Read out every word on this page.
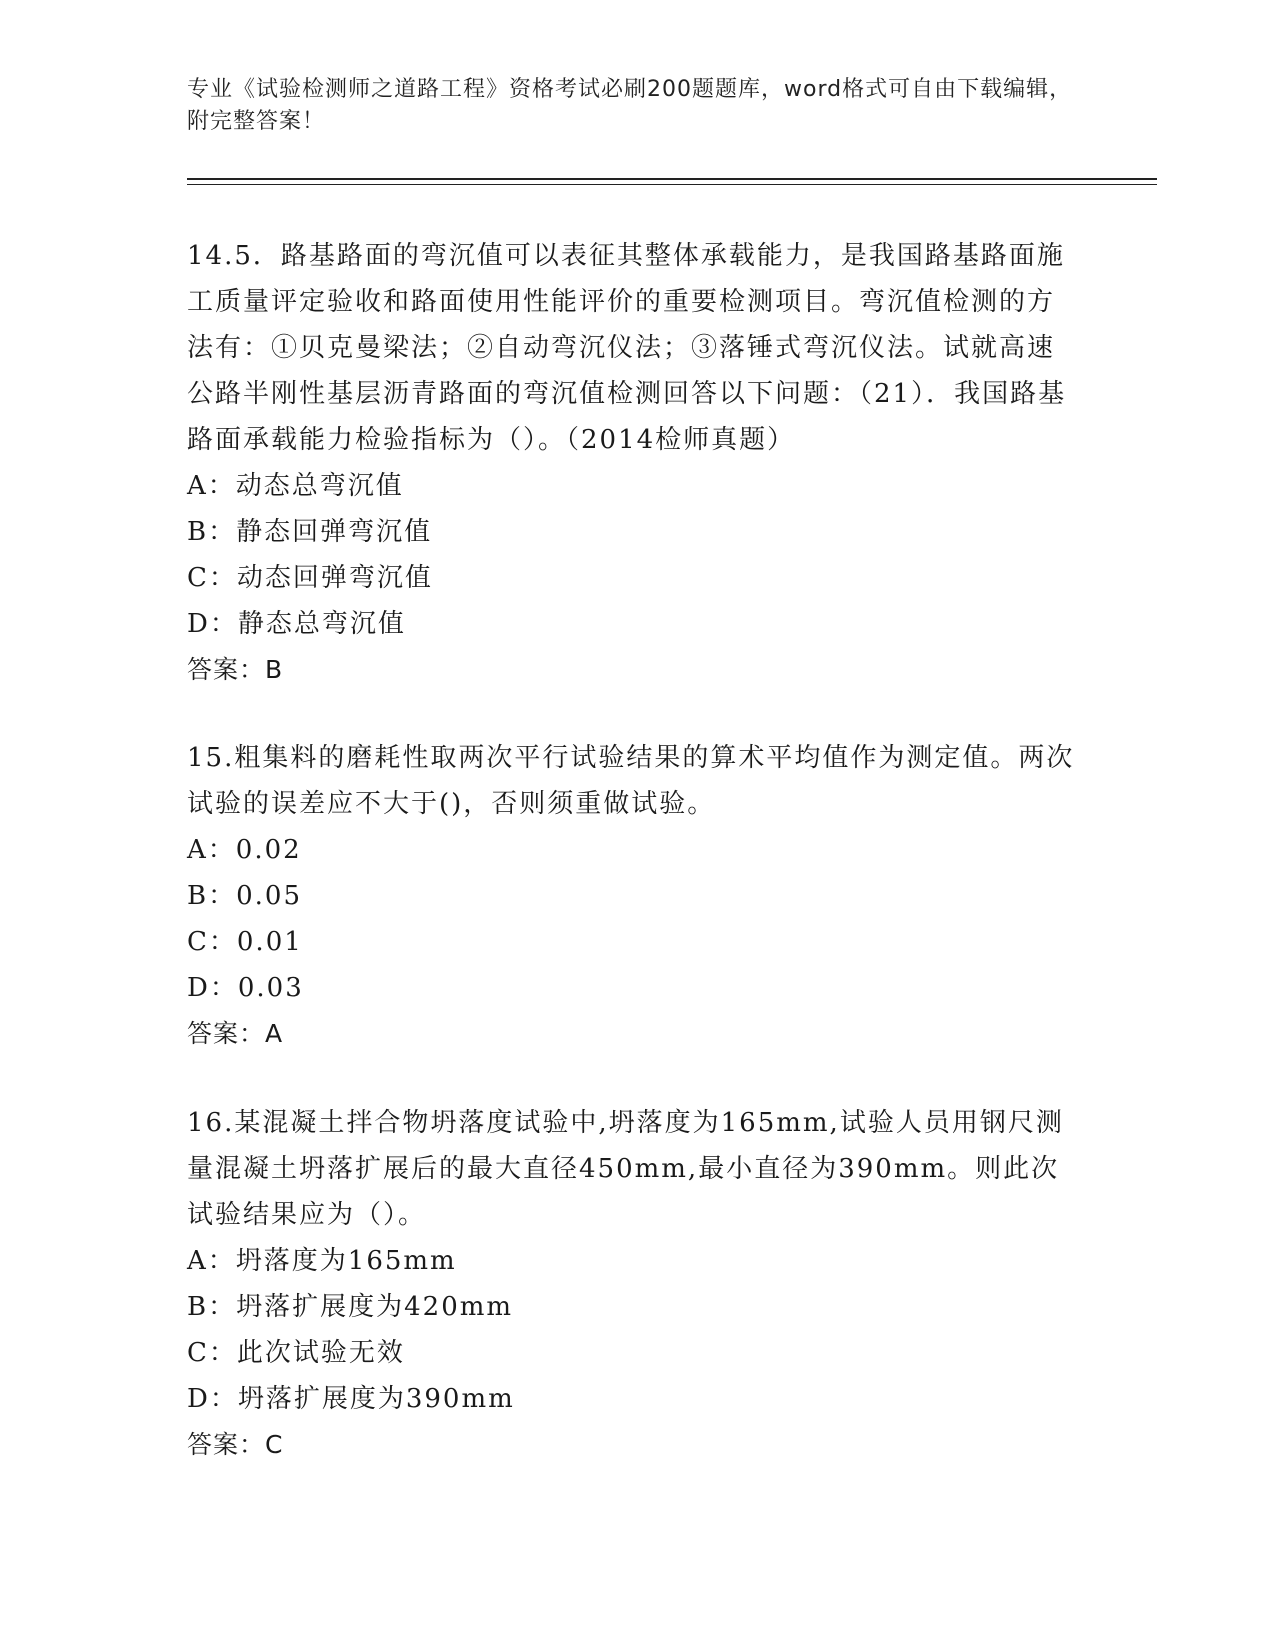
专业《试验检测师之道路工程》资格考试必刷200题题库，word格式可自由下载编辑，附完整答案！

14.5．路基路面的弯沉值可以表征其整体承载能力，是我国路基路面施工质量评定验收和路面使用性能评价的重要检测项目。弯沉值检测的方法有：①贝克曼梁法；②自动弯沉仪法；③落锤式弯沉仪法。试就高速公路半刚性基层沥青路面的弯沉值检测回答以下问题：（21）．我国路基路面承载能力检验指标为（）。（2014检师真题）

A：动态总弯沉值

B：静态回弹弯沉值

C：动态回弹弯沉值

D：静态总弯沉值

答案：B

15.粗集料的磨耗性取两次平行试验结果的算术平均值作为测定值。两次试验的误差应不大于()，否则须重做试验。

A：0.02

B：0.05

C：0.01

D：0.03

答案：A

16.某混凝土拌合物坍落度试验中,坍落度为165mm,试验人员用钢尺测量混凝土坍落扩展后的最大直径450mm,最小直径为390mm。则此次试验结果应为（）。

A：坍落度为165mm

B：坍落扩展度为420mm

C：此次试验无效

D：坍落扩展度为390mm

答案：C
